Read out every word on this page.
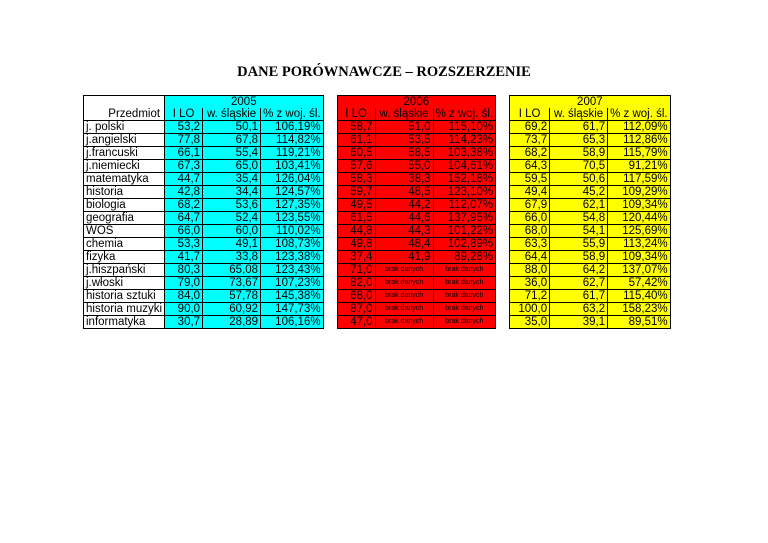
DANE PORÓWNAWCZE – ROZSZERZENIE
	2005				2006				2007		
Przedmiot	I LO	w. śląskie	% z woj. śl.		I LO	w. śląskie	% z woj. śl.		I LO	w. śląskie	% z woj. śl.
j. polski	53,2	50,1	106,19%		58,7	51,0	115,10%		69,2	61,7	112,09%
j.angielski	77,8	67,8	114,82%		61,1	53,5	114,23%		73,7	65,3	112,86%
j.francuski	66,1	55,4	119,21%		60,5	58,5	103,38%		68,2	58,9	115,79%
j.niemiecki	67,3	65,0	103,41%		57,6	55,0	104,61%		64,3	70,5	91,21%
matematyka	44,7	35,4	126,04%		58,3	38,3	152,18%		59,5	50,6	117,59%
historia	42,8	34,4	124,57%		59,7	48,5	123,10%		49,4	45,2	109,29%
biologia	68,2	53,6	127,35%		49,5	44,2	112,07%		67,9	62,1	109,34%
geografia	64,7	52,4	123,55%		61,5	44,6	137,95%		66,0	54,8	120,44%
WOS	66,0	60,0	110,02%		44,8	44,3	101,22%		68,0	54,1	125,69%
chemia	53,3	49,1	108,73%		49,8	48,4	102,89%		63,3	55,9	113,24%
fizyka	41,7	33,8	123,38%		37,4	41,9	89,28%		64,4	58,9	109,34%
j.hiszpański	80,3	65,08	123,43%		71,0	brak danych	brak danych		88,0	64,2	137,07%
j.włoski	79,0	73,67	107,23%		82,0	brak danych	brak danych		36,0	62,7	57,42%
historia sztuki	84,0	57,78	145,38%		68,0	brak danych	brak danych		71,2	61,7	115,40%
historia muzyki	90,0	60,92	147,73%		87,0	brak danych	brak danych		100,0	63,2	158,23%
informatyka	30,7	28,89	106,16%		47,0	brak danych	brak danych		35,0	39,1	89,51%
